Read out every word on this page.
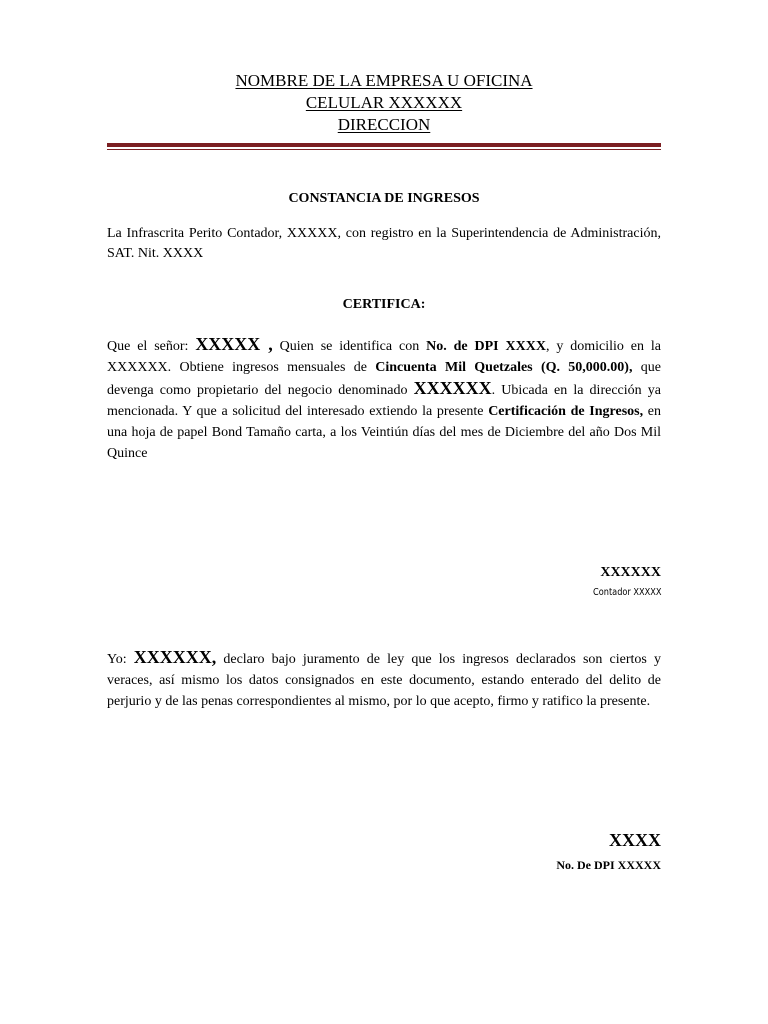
NOMBRE DE LA EMPRESA U OFICINA
CELULAR XXXXXX
DIRECCION
CONSTANCIA DE INGRESOS
La Infrascrita Perito Contador, XXXXX, con registro en la Superintendencia de Administración, SAT. Nit. XXXX
CERTIFICA:
Que el señor: XXXXX , Quien se identifica con No. de DPI XXXX, y domicilio en la XXXXXX. Obtiene ingresos mensuales de Cincuenta Mil Quetzales (Q. 50,000.00), que devenga como propietario del negocio denominado XXXXXX. Ubicada en la dirección ya mencionada. Y que a solicitud del interesado extiendo la presente Certificación de Ingresos, en una hoja de papel Bond Tamaño carta, a los Veintiún días del mes de Diciembre del año Dos Mil Quince
XXXXXX
Contador XXXXX
Yo: XXXXXX, declaro bajo juramento de ley que los ingresos declarados son ciertos y veraces, así mismo los datos consignados en este documento, estando enterado del delito de perjurio y de las penas correspondientes al mismo, por lo que acepto, firmo y ratifico la presente.
XXXX
No. De DPI XXXXX
